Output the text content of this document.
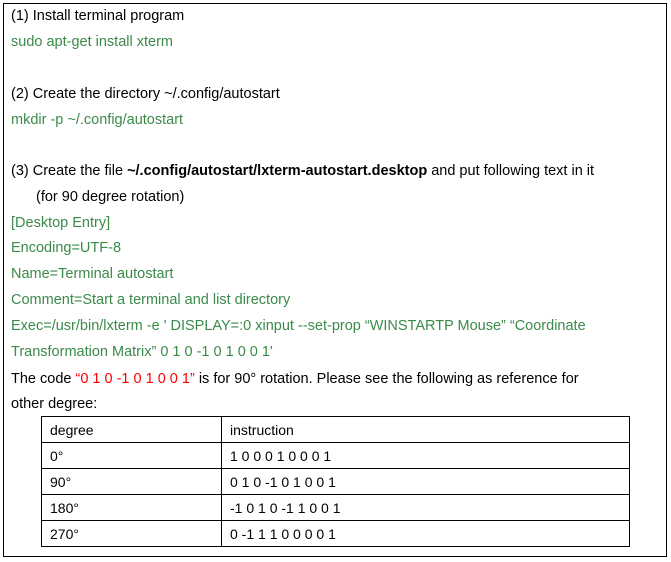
(1) Install terminal program
sudo apt-get install xterm
(2) Create the directory ~/.config/autostart
mkdir -p ~/.config/autostart
(3) Create the file ~/.config/autostart/lxterm-autostart.desktop and put following text in it
(for 90 degree rotation)
[Desktop Entry]
Encoding=UTF-8
Name=Terminal autostart
Comment=Start a terminal and list directory
Exec=/usr/bin/lxterm -e ' DISPLAY=:0 xinput --set-prop “WINSTARTP Mouse” “Coordinate
Transformation Matrix” 0 1 0 -1 0 1 0 0 1'
The code “0 1 0 -1 0 1 0 0 1” is for 90° rotation. Please see the following as reference for
other degree:
degree	instruction
0°	1 0 0 0 1 0 0 0 1
90°	0 1 0 -1 0 1 0 0 1
180°	-1 0 1 0 -1 1 0 0 1
270°	0 -1 1 1 0 0 0 0 1
